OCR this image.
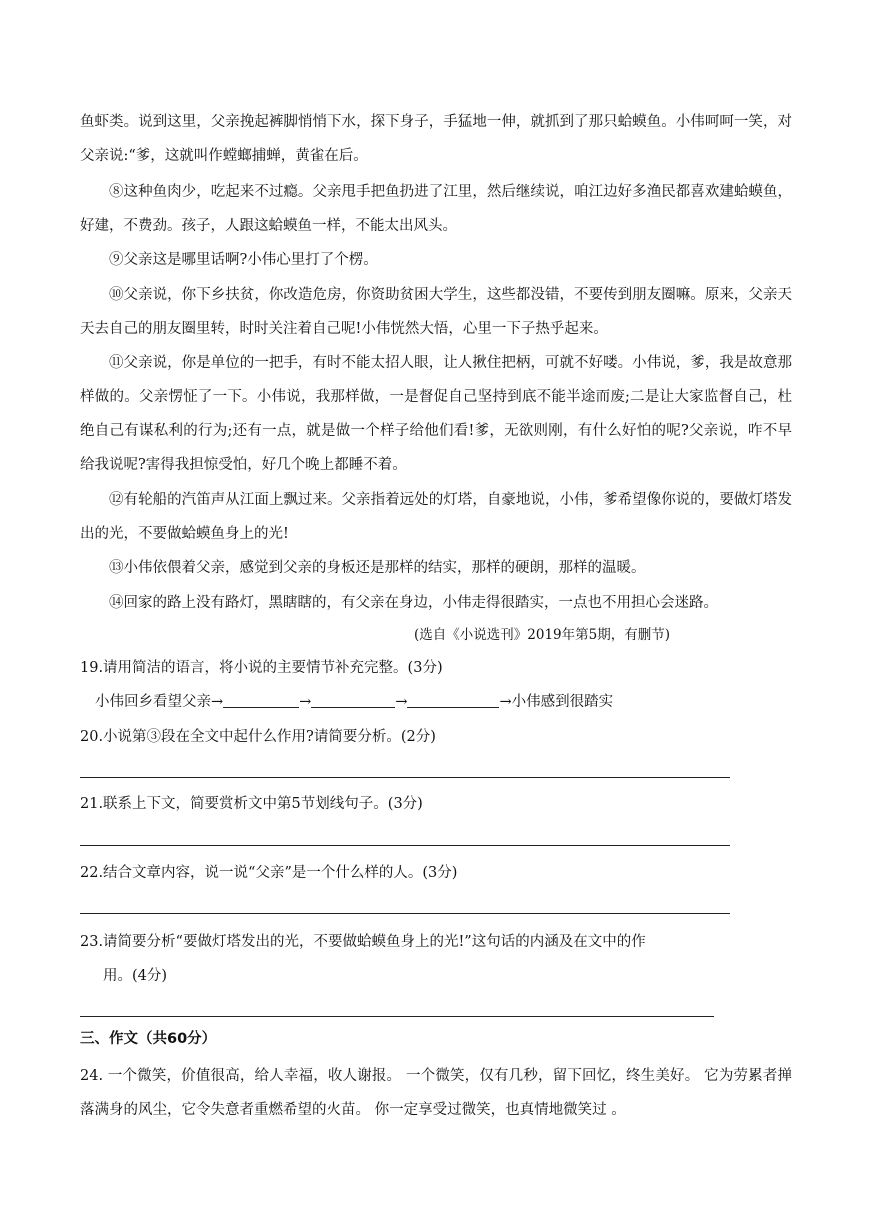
鱼虾类。说到这里，父亲挽起裤脚悄悄下水，探下身子，手猛地一伸，就抓到了那只蛤蟆鱼。小伟呵呵一笑，对父亲说:“爹，这就叫作螳螂捕蝉，黄雀在后。

⑧这种鱼肉少，吃起来不过瘾。父亲甩手把鱼扔进了江里，然后继续说，咱江边好多渔民都喜欢建蛤蟆鱼，好建，不费劲。孩子，人跟这蛤蟆鱼一样，不能太出风头。

⑨父亲这是哪里话啊?小伟心里打了个楞。

⑩父亲说，你下乡扶贫，你改造危房，你资助贫困大学生，这些都没错，不要传到朋友圈嘛。原来，父亲天天去自己的朋友圈里转，时时关注着自己呢!小伟恍然大悟，心里一下子热乎起来。

⑪父亲说，你是单位的一把手，有时不能太招人眼，让人揪住把柄，可就不好喽。小伟说，爹，我是故意那样做的。父亲愣怔了一下。小伟说，我那样做，一是督促自己坚持到底不能半途而废;二是让大家监督自己，杜绝自己有谋私利的行为;还有一点，就是做一个样子给他们看!爹，无欲则刚，有什么好怕的呢?父亲说，咋不早给我说呢?害得我担惊受怕，好几个晚上都睡不着。

⑫有轮船的汽笛声从江面上飘过来。父亲指着远处的灯塔，自豪地说，小伟，爹希望像你说的，要做灯塔发出的光，不要做蛤蟆鱼身上的光!

⑬小伟依偎着父亲，感觉到父亲的身板还是那样的结实，那样的硬朗，那样的温暖。

⑭回家的路上没有路灯，黑瞎瞎的，有父亲在身边，小伟走得很踏实，一点也不用担心会迷路。

(选自《小说选刊》2019年第5期，有删节)
19.请用简洁的语言，将小说的主要情节补充完整。(3分)
小伟回乡看望父亲→	→	→	→小伟感到很踏实
20.小说第③段在全文中起什么作用?请简要分析。(2分)
21.联系上下文，简要赏析文中第5节划线句子。(3分)
22.结合文章内容，说一说“父亲”是一个什么样的人。(3分)
23.请简要分析“要做灯塔发出的光，不要做蛤蟆鱼身上的光!”这句话的内涵及在文中的作
用。(4分)
三、作文（共60分）

24. 一个微笑，价值很高，给人幸福，收人谢报。 一个微笑，仅有几秒，留下回忆，终生美好。 它为劳累者掸落满身的风尘，它令失意者重燃希望的火苗。 你一定享受过微笑，也真情地微笑过 。
